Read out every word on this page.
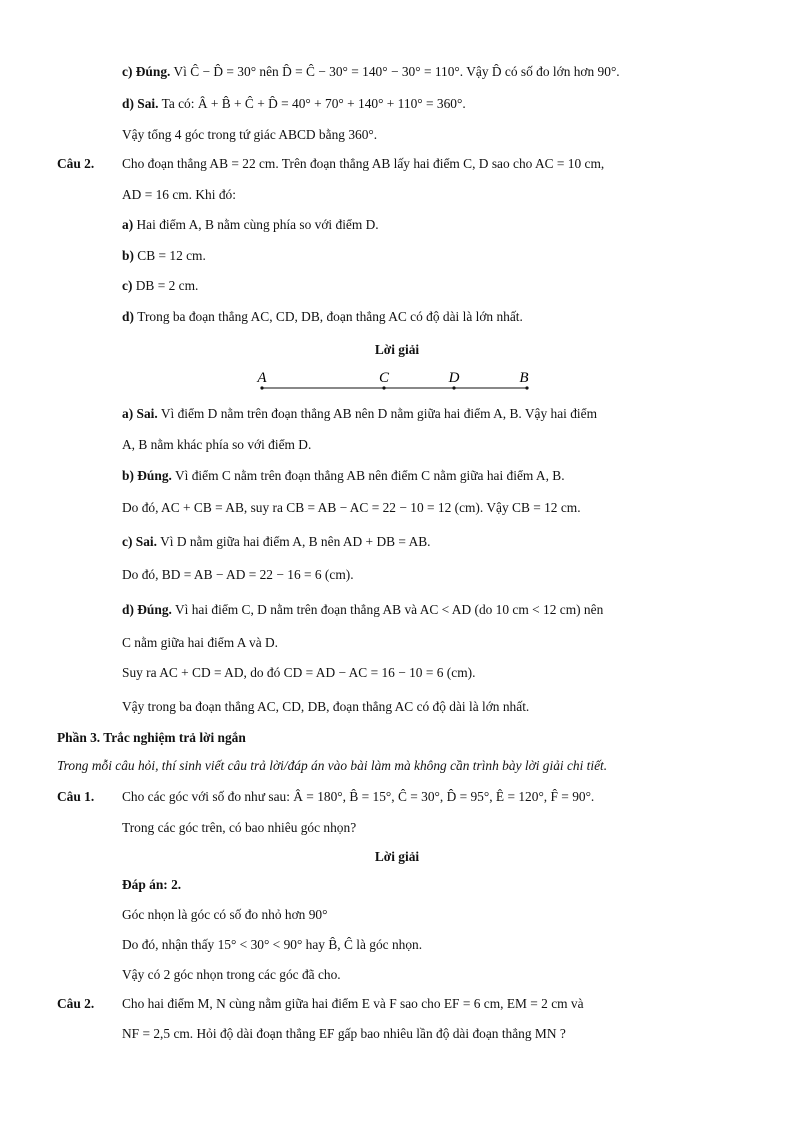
c) Đúng. Vì Ĉ − D̂ = 30° nên D̂ = Ĉ − 30° = 140° − 30° = 110°. Vậy D̂ có số đo lớn hơn 90°.
d) Sai. Ta có: Â + B̂ + Ĉ + D̂ = 40° + 70° + 140° + 110° = 360°.
Vậy tổng 4 góc trong tứ giác ABCD bằng 360°.
Câu 2. Cho đoạn thẳng AB = 22 cm. Trên đoạn thẳng AB lấy hai điểm C, D sao cho AC = 10 cm,
AD = 16 cm. Khi đó:
a) Hai điểm A, B nằm cùng phía so với điểm D.
b) CB = 12 cm.
c) DB = 2 cm.
d) Trong ba đoạn thẳng AC, CD, DB, đoạn thẳng AC có độ dài là lớn nhất.
Lời giải
A	C	D	B
a) Sai. Vì điểm D nằm trên đoạn thẳng AB nên D nằm giữa hai điểm A, B. Vậy hai điểm
A, B nằm khác phía so với điểm D.
b) Đúng. Vì điểm C nằm trên đoạn thẳng AB nên điểm C nằm giữa hai điểm A, B.
Do đó, AC + CB = AB, suy ra CB = AB − AC = 22 − 10 = 12 (cm). Vậy CB = 12 cm.
c) Sai. Vì D nằm giữa hai điểm A, B nên AD + DB = AB.
Do đó, BD = AB − AD = 22 − 16 = 6 (cm).
d) Đúng. Vì hai điểm C, D nằm trên đoạn thẳng AB và AC < AD (do 10 cm < 12 cm) nên
C nằm giữa hai điểm A và D.
Suy ra AC + CD = AD, do đó CD = AD − AC = 16 − 10 = 6 (cm).
Vậy trong ba đoạn thẳng AC, CD, DB, đoạn thẳng AC có độ dài là lớn nhất.
Phần 3. Trắc nghiệm trả lời ngắn
Trong mỗi câu hỏi, thí sinh viết câu trả lời/đáp án vào bài làm mà không cần trình bày lời giải chi tiết.
Câu 1. Cho các góc với số đo như sau: Â = 180°, B̂ = 15°, Ĉ = 30°, D̂ = 95°, Ê = 120°, F̂ = 90°.
Trong các góc trên, có bao nhiêu góc nhọn?
Lời giải
Đáp án: 2.
Góc nhọn là góc có số đo nhỏ hơn 90°
Do đó, nhận thấy 15° < 30° < 90° hay B̂, Ĉ là góc nhọn.
Vậy có 2 góc nhọn trong các góc đã cho.
Câu 2. Cho hai điểm M, N cùng nằm giữa hai điểm E và F sao cho EF = 6 cm, EM = 2 cm và
NF = 2,5 cm. Hỏi độ dài đoạn thẳng EF gấp bao nhiêu lần độ dài đoạn thẳng MN ?
